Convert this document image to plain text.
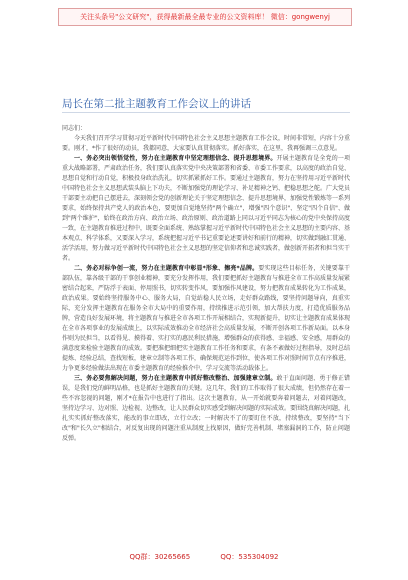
关注头条号"公文研究"，获得最新最全最专业的公文资料库！ 微信：gongwenyj
局长在第二批主题教育工作会议上的讲话

同志们：

今天我们召开学习贯彻习近平新时代中国特色社会主义思想主题教育工作会议，时间非常短，内容十分重要。刚才，*作了很好的动员，我都同意，大家要认真贯彻落实。抓好落实，在这里，我再强调三点意见。

一、务必突出领悟觉性，努力在主题教育中坚定理想信念、提升思想境界。开展主题教育是全党的一项重大战略部署，严肃政治任务，我们要认真落实党中央决策部署和省委、市委工作要求，以高度的政治自觉、思想自觉和行动自觉，积极投身政治洗礼，切实抓紧抓好工作。要通过主题教育，努力在坚持用习近平新时代中国特色社会主义思想武装头脑上下功夫，不断加强党的理论学习、补足精神之钙、把稳思想之舵。广大党员干部要主动把自己摆进去，深刻领会党的创新理论关于坚定理想信念、提升思想境界，加强党性锻炼等一系列要求，始终保持共产党人的政治本色，要更加自觉地坚持"两个确立"，增强"四个意识"、坚定"四个自信"、做到"两个维护"，始终在政治方向、政治立场、政治原则、政治道路上同以习近平同志为核心的党中央保持高度一致，在主题教育推进过程中，既要全面系统、熟练掌握习近平新时代中国特色社会主义思想的主要内容、基本观点、科学体系，又要深入学习，系统把握习近平书记重要论述要讲好和前行的精神，切实做到融汇贯通、活学活用，努力做习近平新时代中国特色社会主义思想的坚定信仰者和忠诚实践者，做创新开拓者和担当实干者。

二、务必对标争创一流，努力在主题教育中彰显*形象、擦亮*品牌。要实现这些目标任务，关键要靠干部队伍，靠各级干部的干事创业精神，要充分发挥作用，我们要把抓好主题教育与推进全市工作高质量发展紧密结合起来，严防浮于表面、停用照书，切实转变作风，要加强作风建设，努力把教育成果转化为工作成果，政治成果。要始终坚持服务中心、服务大局，自觉站稳人民立场，走好群众路线，要坚持问题导向，真重实际，充分发挥主题教育在服务全市大局中的重要作用，持续推进示范引领，加大帮扶力度，打造优质服务品牌，营造良好发展环境，将主题教育与推进全市各项工作开展相结合，实现新提升，切实让主题教育成果体现在全市各项事业的发展成绩上，以实际成效推动全市经济社会高质量发展，不断开创各项工作新局面。以本身作则为民担当，以看得见、摸得着、实打实的惠民利民措施，增强群众的获得感、幸福感、安全感，用群众的满意度来检验主题教育的成效。要把准把细把实主题教育工作任务和要求，有条不紊做好过程指导，及时总结提炼、经验总结，查找短板，建章立制等各项工作，确保规范运作到位，使各项工作对照时间节点有序推进，力争更多经验做法出现在市委主题教育的经验推介中，学习交流等活动载体上。

三、务必要焦解决问题，努力在主题教育中抓好整改整治、加强建章立制。敢于直面问题、勇于修正错误，是我们党的鲜明品格，也是抓好主题教育的关键。这几年，我们的工作取得了很大成绩，但仍然存在着一些不容忽视的问题，刚才*在报告中也进行了指出。这次主题教育，从一开始就要奔着问题去，对着问题改，坚持边学习、边对照、边检视、边整改，让人民群众切实感受到解决问题的实际成效。要围绕真解决问题，扎扎实实抓好整改落实，能改的事立即改，立行立改；一时解决不了的要盯住不放，持续整改，要坚持"当下改"和"长久立"相结合，对反复出现的问题注重从制度上找原因，做好完善机制、堵塞漏洞的工作，防止问题反弹。

QQ群：30265665	QQ：535304092
